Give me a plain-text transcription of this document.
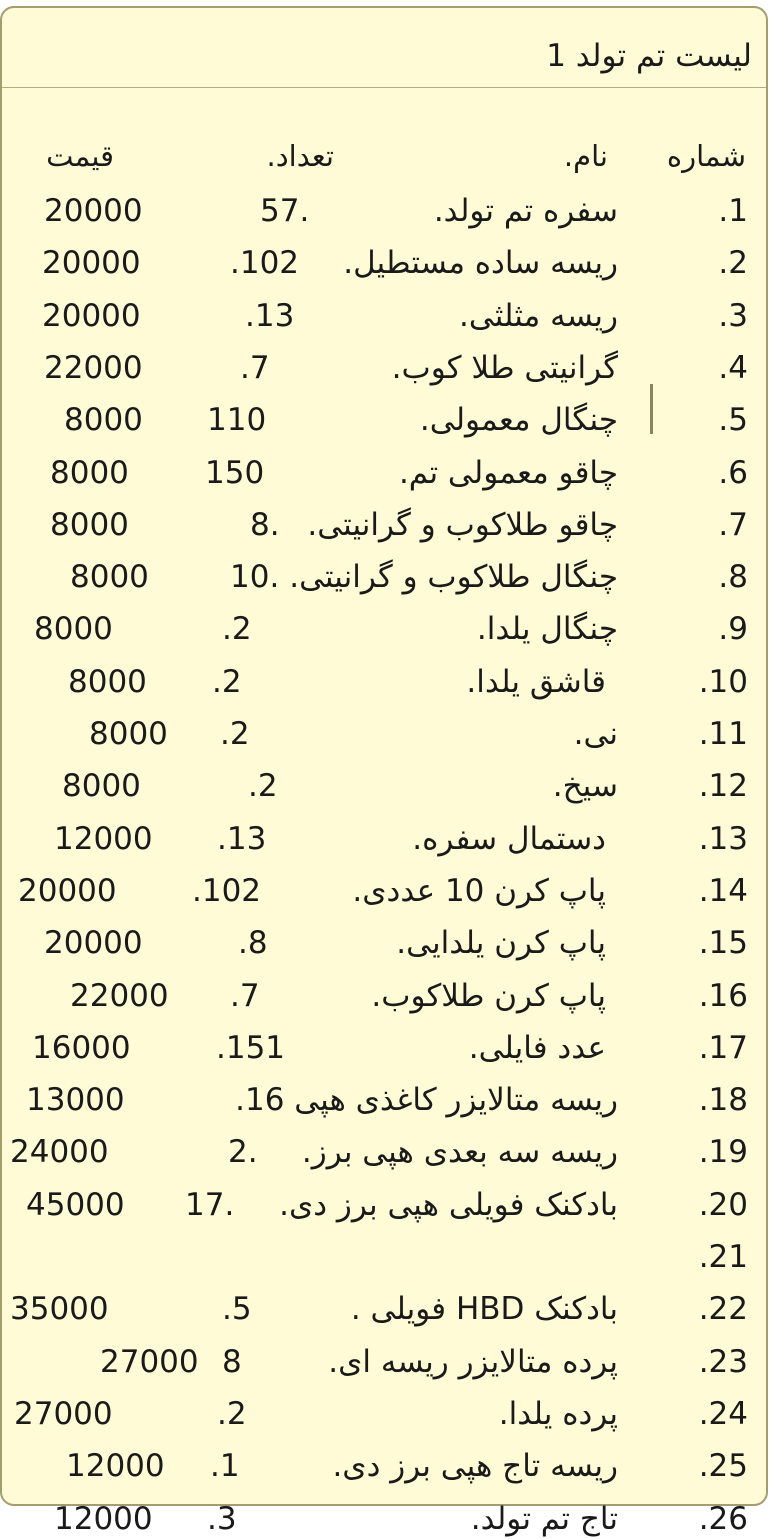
لیست تم تولد 1
شماره
نام.
تعداد.
قیمت
1.
سفره تم تولد.
57.
20000
2.
ریسه ساده مستطیل.
.102
20000
3.
ریسه مثلثی.
.13
20000
4.
گرانیتی طلا کوب.
.7
22000
5.
چنگال معمولی.
110
8000
6.
چاقو معمولی تم.
150
8000
7.
چاقو طلاکوب و گرانیتی.
8.
8000
8.
چنگال طلاکوب و گرانیتی.
10.
8000
9.
چنگال یلدا.
.2
8000
10.
قاشق یلدا.
.2
8000
11.
نی.
.2
8000
12.
سیخ.
.2
8000
13.
دستمال سفره.
.13
12000
14.
پاپ کرن 10 عددی.
.102
20000
15.
پاپ کرن یلدایی.
.8
20000
16.
پاپ کرن طلاکوب.
.7
22000
17.
عدد فایلی.
.151
16000
18.
ریسه متالایزر کاغذی هپی 16.
13000
19.
ریسه سه بعدی هپی برز.
2.
24000
20.
بادکنک فویلی هپی برز دی.
17.
45000
21.
22.
بادکنک HBD فویلی .
.5
35000
23.
پرده متالایزر ریسه ای.
8
27000
24.
پرده یلدا.
.2
27000
25.
ریسه تاج هپی برز دی.
.1
12000
26.
تاج تم تولد.
.3
12000
